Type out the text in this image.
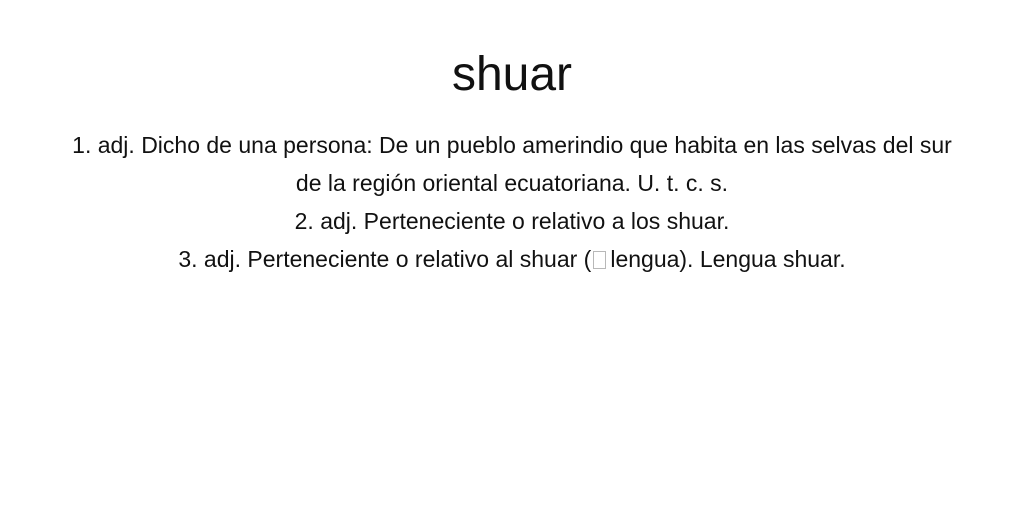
shuar

1. adj. Dicho de una persona: De un pueblo amerindio que habita en las selvas del sur de la región oriental ecuatoriana. U. t. c. s.

2. adj. Perteneciente o relativo a los shuar.

3. adj. Perteneciente o relativo al shuar ( lengua). Lengua shuar.
